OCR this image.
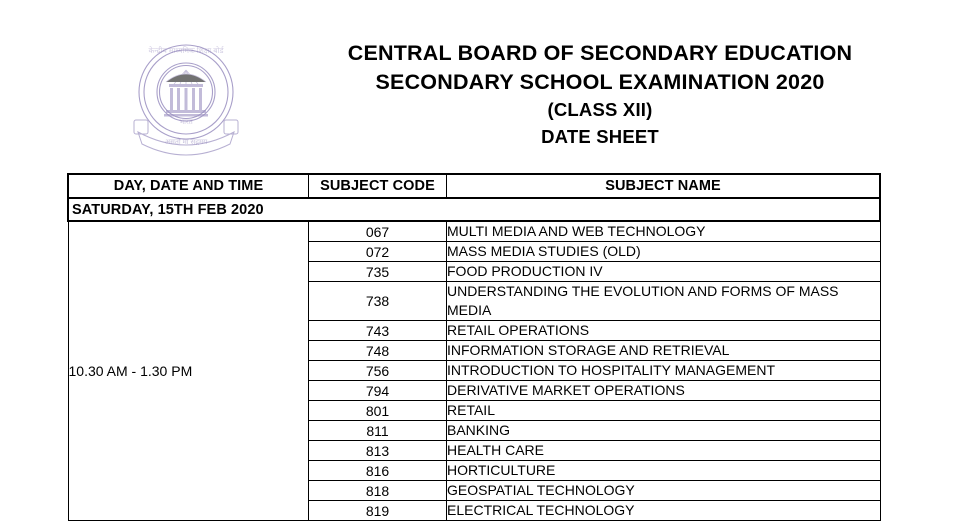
भारत
असतो मा सद्गमय
केन्द्रीय माध्यमिक शिक्षा बोर्ड	CENTRAL BOARD OF SECONDARY EDUCATION
SECONDARY SCHOOL EXAMINATION 2020
(CLASS XII)
DATE SHEET
DAY, DATE AND TIME	SUBJECT CODE	SUBJECT NAME
SATURDAY, 15TH FEB 2020		
10.30 AM - 1.30 PM	067	MULTI MEDIA AND WEB TECHNOLOGY
	072	MASS MEDIA STUDIES (OLD)
	735	FOOD PRODUCTION IV
	738	UNDERSTANDING THE EVOLUTION AND FORMS OF MASS MEDIA
	743	RETAIL OPERATIONS
	748	INFORMATION STORAGE AND RETRIEVAL
	756	INTRODUCTION TO HOSPITALITY MANAGEMENT
	794	DERIVATIVE MARKET OPERATIONS
	801	RETAIL
	811	BANKING
	813	HEALTH CARE
	816	HORTICULTURE
	818	GEOSPATIAL TECHNOLOGY
	819	ELECTRICAL TECHNOLOGY
